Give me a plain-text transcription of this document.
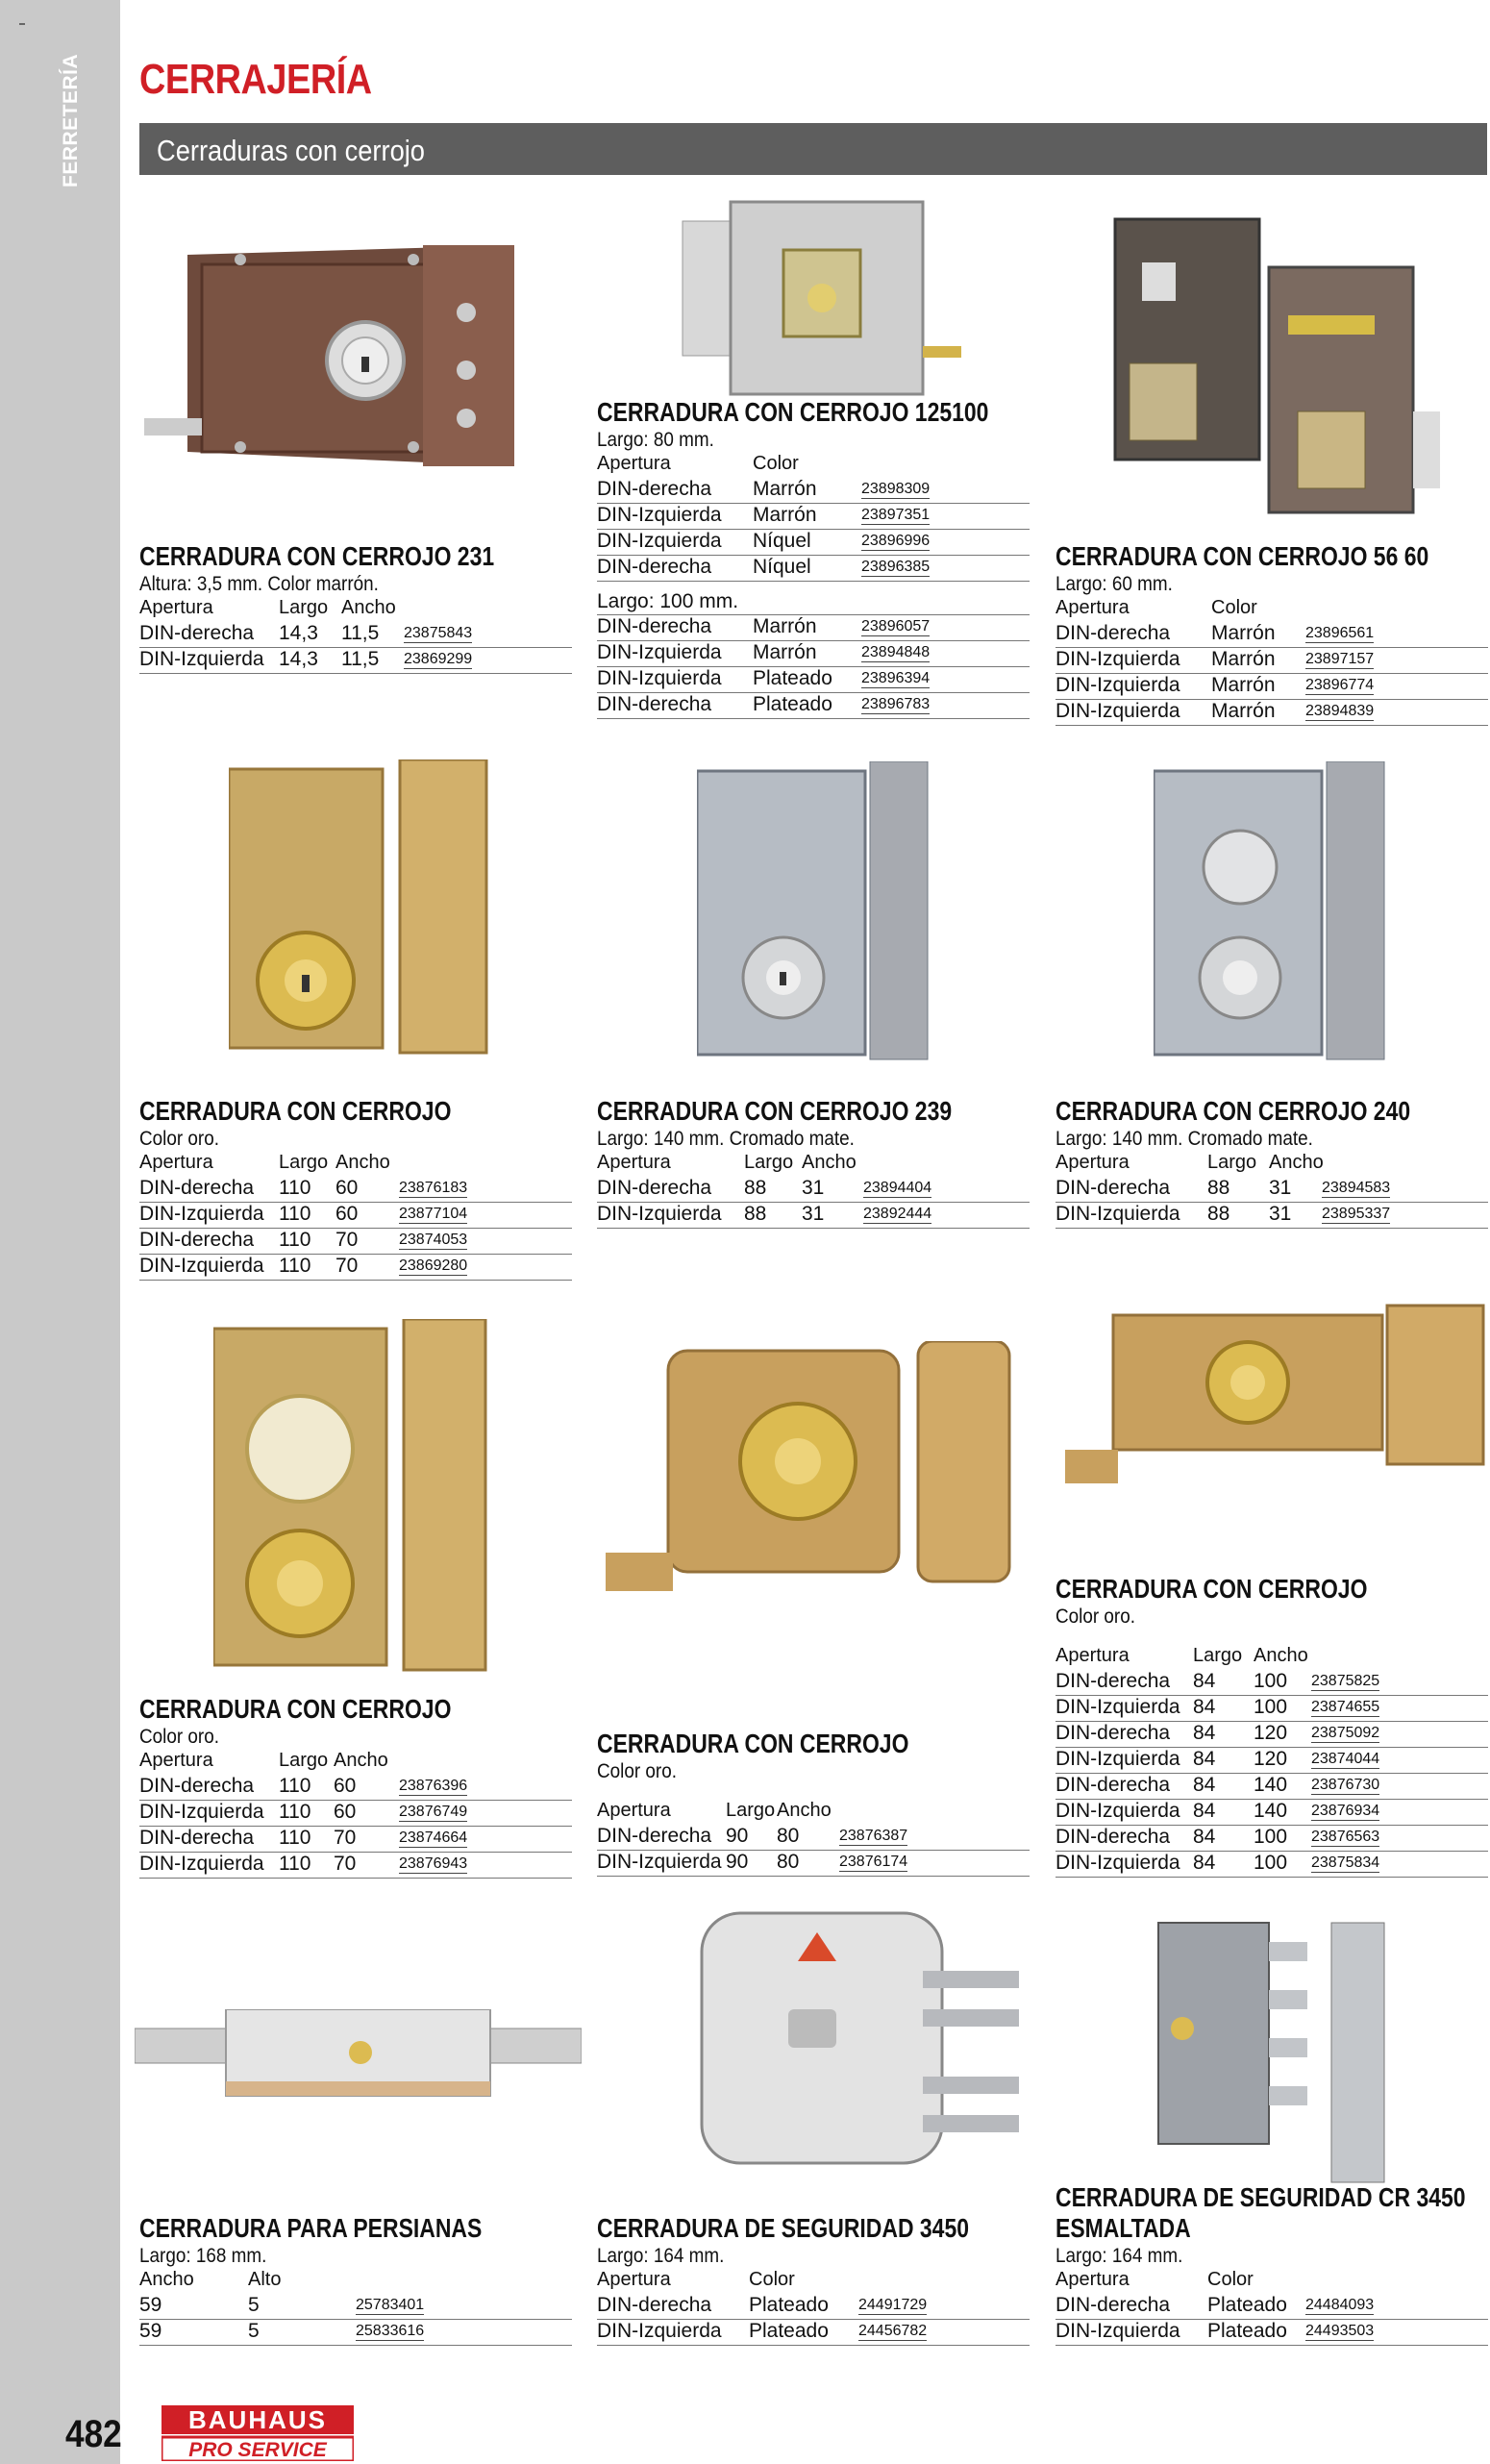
FERRETERÍA CERRAJERÍA
Cerraduras con cerrojo
CERRADURA CON CERROJO 231
Altura: 3,5 mm. Color marrón.
Apertura	Largo Ancho
DIN-derecha 14,3 11,5 23875843
DIN-Izquierda 14,3 11,5 23869299
CERRADURA CON CERROJO 125100
Largo: 80 mm.
Apertura	Color
DIN-derecha Marrón	23898309
DIN-Izquierda Marrón	23897351
DIN-Izquierda Níquel	23896996
DIN-derecha Níquel	23896385
Largo: 100 mm.
DIN-derecha Marrón	23896057
DIN-Izquierda Marrón	23894848
DIN-Izquierda Plateado 23896394
DIN-derecha Plateado 23896783
CERRADURA CON CERROJO 56 60
Largo: 60 mm.
Apertura	Color
DIN-derecha Marrón 23896561
DIN-Izquierda Marrón 23897157
DIN-Izquierda Marrón 23896774
DIN-Izquierda Marrón 23894839
CERRADURA CON CERROJO
Color oro.
Apertura	Largo Ancho
DIN-derecha 110 60	23876183
DIN-Izquierda 110 60	23877104
DIN-derecha 110 70	23874053
DIN-Izquierda 110 70	23869280
CERRADURA CON CERROJO 239
Largo: 140 mm. Cromado mate.
Apertura	Largo Ancho
DIN-derecha 88 31	23894404
DIN-Izquierda 88 31	23892444
CERRADURA CON CERROJO 240
Largo: 140 mm. Cromado mate.
Apertura	Largo Ancho
DIN-derecha 88 31 23894583
DIN-Izquierda 88 31 23895337
CERRADURA CON CERROJO
Color oro.
Apertura	Largo Ancho
DIN-derecha 110 60	23876396
DIN-Izquierda 110 60	23876749
DIN-derecha 110 70	23874664
DIN-Izquierda 110 70	23876943
CERRADURA CON CERROJO
Color oro.
Apertura	Largo Ancho
DIN-derecha 90 80	23876387
DIN-Izquierda 90 80	23876174
CERRADURA CON CERROJO
Color oro.
Apertura	Largo Ancho
DIN-derecha 84 100 23875825
DIN-Izquierda 84 100 23874655
DIN-derecha 84 120 23875092
DIN-Izquierda 84 120 23874044
DIN-derecha 84 140 23876730
DIN-Izquierda 84 140 23876934
DIN-derecha 84 100 23876563
DIN-Izquierda 84 100 23875834
CERRADURA PARA PERSIANAS
Largo: 168 mm.
Ancho	Alto
59	5	25783401
59	5	25833616
CERRADURA DE SEGURIDAD 3450
Largo: 164 mm.
Apertura	Color
DIN-derecha Plateado 24491729
DIN-Izquierda Plateado 24456782
CERRADURA DE SEGURIDAD CR 3450
ESMALTADA
Largo: 164 mm.
Apertura	Color
DIN-derecha Plateado 24484093
DIN-Izquierda Plateado 24493503
482	BAUHAUS
PRO SERVICE
